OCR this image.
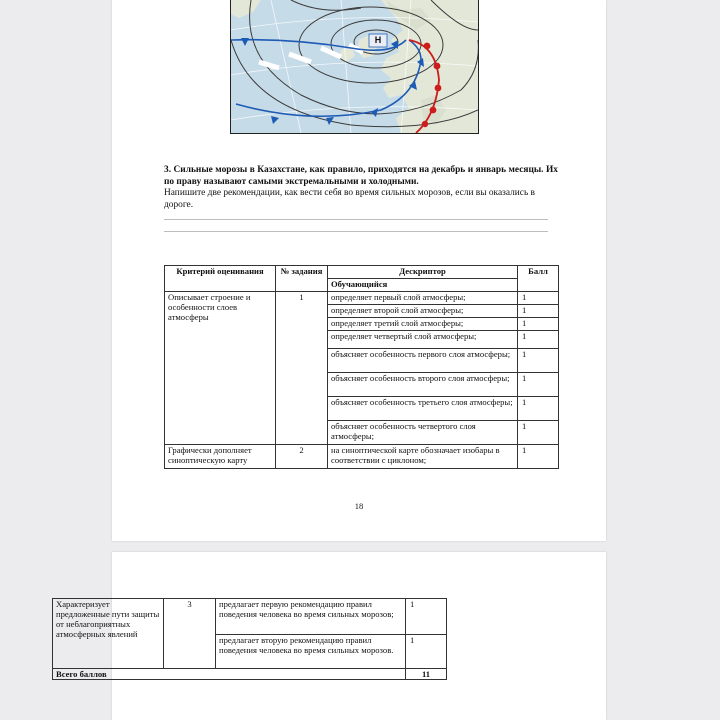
Н
3. Сильные морозы в Казахстане, как правило, приходятся на декабрь и январь месяцы. Их по праву называют самыми экстремальными и холодными.
Напишите две рекомендации, как вести себя во время сильных морозов, если вы оказались в дороге.
Критерий оценивания	№ задания	Дескриптор	Балл
		Обучающийся	
Описывает строение и особенности слоев атмосферы	1	определяет первый слой атмосферы;	1
		определяет второй слой атмосферы;	1
		определяет третий слой атмосферы;	1
		определяет четвертый слой атмосферы;	1
		объясняет особенность первого слоя атмосферы;	1
		объясняет особенность второго слоя атмосферы;	1
		объясняет особенность третьего слоя атмосферы;	1
		объясняет особенность четвертого слоя атмосферы;	1
Графически дополняет синоптическую карту	2	на синоптической карте обозначает изобары в соответствии с циклоном;	1
18
Характеризует предложенные пути защиты от неблагоприятных атмосферных явлений	3	предлагает первую рекомендацию правил поведения человека во время сильных морозов;	1
		предлагает вторую рекомендацию правил поведения человека во время сильных морозов.	1
Всего баллов			11
